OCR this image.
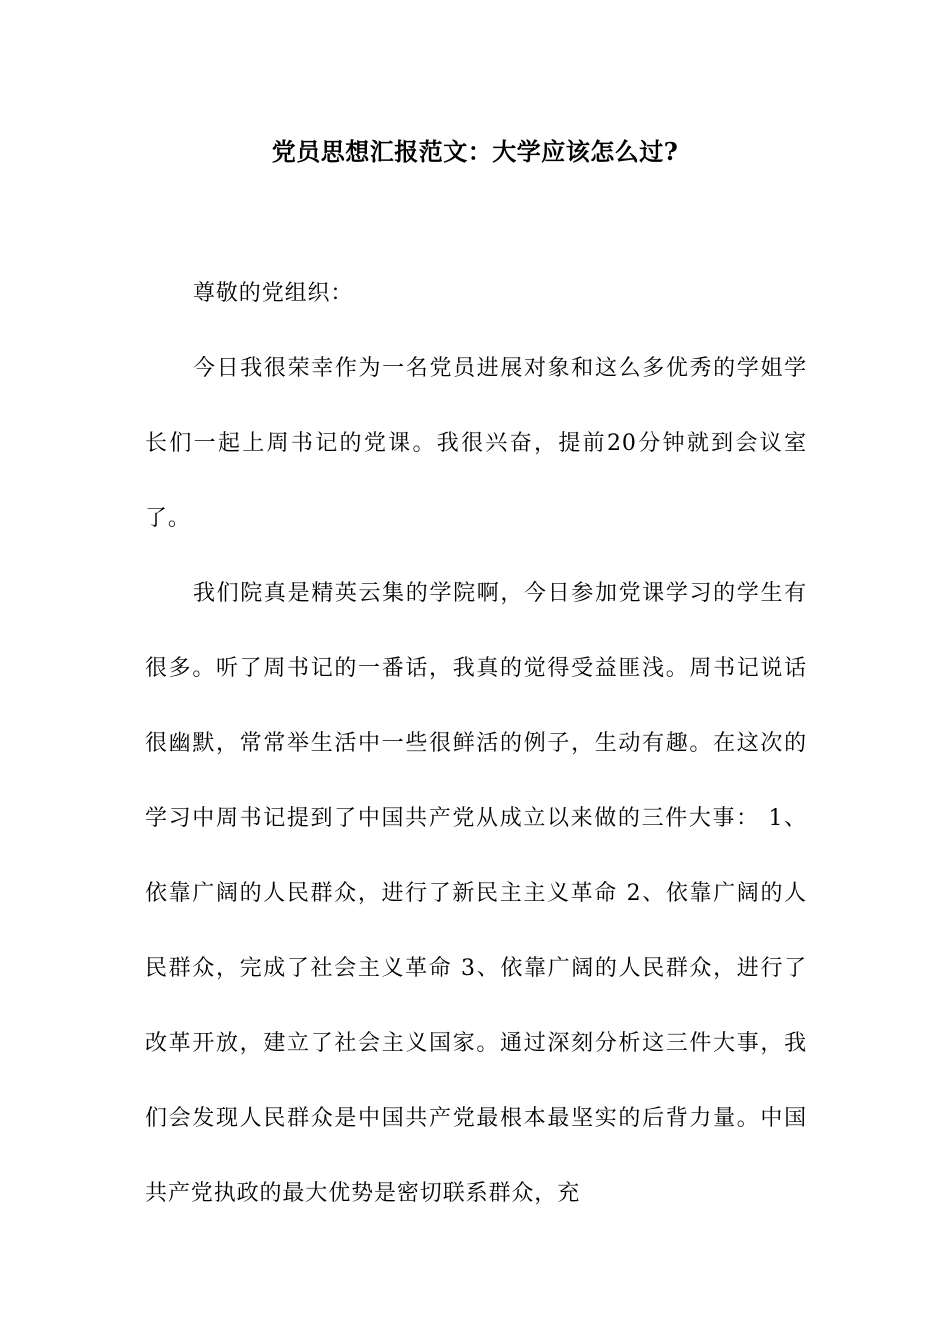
党员思想汇报范文：大学应该怎么过?

尊敬的党组织：

今日我很荣幸作为一名党员进展对象和这么多优秀的学姐学长们一起上周书记的党课。我很兴奋，提前20分钟就到会议室了。

我们院真是精英云集的学院啊，今日参加党课学习的学生有很多。听了周书记的一番话，我真的觉得受益匪浅。周书记说话很幽默，常常举生活中一些很鲜活的例子，生动有趣。在这次的学习中周书记提到了中国共产党从成立以来做的三件大事： 1、依靠广阔的人民群众，进行了新民主主义革命 2、依靠广阔的人民群众，完成了社会主义革命 3、依靠广阔的人民群众，进行了改革开放，建立了社会主义国家。通过深刻分析这三件大事，我们会发现人民群众是中国共产党最根本最坚实的后背力量。中国共产党执政的最大优势是密切联系群众，充
